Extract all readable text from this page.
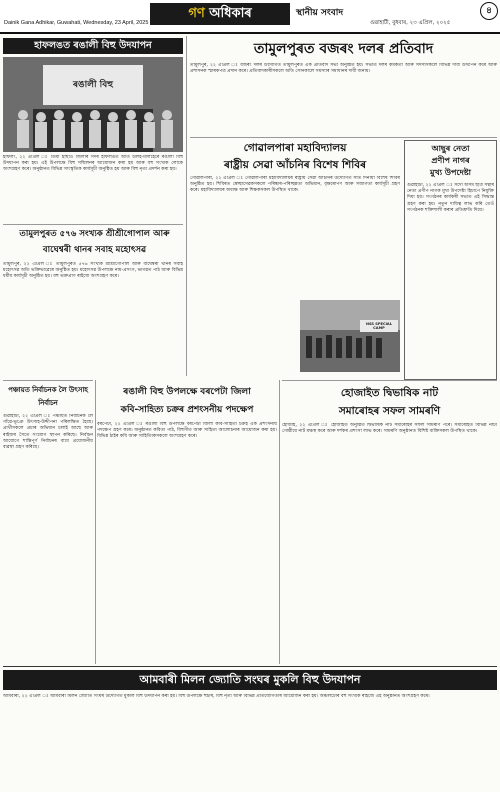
Dainik Gana Adhikar, Guwahati, Wednesday, 23 April, 2025
গণ অধিকাৰ	স্থানীয় সংবাদ
গুৱাহাটী, বুধবাৰ, ২৩ এপ্ৰিল, ২০২৫
৪
হাফলঙত ৰঙালী বিহু উদযাপন
ৰঙালী বিহু

হাফলং, ২২ এপ্ৰিল ঃ ডিমা হাছাও জিলাৰ সদৰ হাফলঙত অতি উলহ-মালহেৰে ৰঙালী বিহু উদযাপন কৰা হয়। এই উপলক্ষে বিহু সন্মিলনৰ আয়োজন কৰা হয় আৰু বহু সংখ্যক লোকে অংশগ্ৰহণ কৰে। অনুষ্ঠানত বিভিন্ন সাংস্কৃতিক কাৰ্যসূচী অনুষ্ঠিত হয় আৰু বিহু নৃত্য প্ৰদৰ্শন কৰা হয়।

তামুলপুৰত বজৰং দলৰ প্ৰতিবাদ

তামুলপুৰ, ২২ এপ্ৰিল ঃ বজৰং দলৰ উদ্যোগত তামুলপুৰত এক প্ৰতিবাদ সভা অনুষ্ঠিত হয়। সভাত দলৰ কৰ্মকৰ্তা আৰু সদস্যসকলে বিভিন্ন দাবী উত্থাপন কৰে আৰু প্ৰশাসনক স্মাৰকপত্ৰ প্ৰদান কৰে। প্ৰতিবাদকাৰীসকলে অতি সোনকালে সমস্যাৰ সমাধানৰ দাবী জনায়।

গোৱালপাৰা মহাবিদ্যালয়
ৰাষ্ট্ৰীয় সেৱা আঁচনিৰ বিশেষ শিবিৰ

গোৱালপাৰা, ২২ এপ্ৰিল ঃ গোৱালপাৰা মহাবিদ্যালয়ৰ ৰাষ্ট্ৰীয় সেৱা আঁচনিৰ উদ্যোগত সাত দিনীয়া বিশেষ শিবিৰ অনুষ্ঠিত হয়। শিবিৰত স্বেচ্ছাসেৱকসকলে পৰিষ্কাৰ-পৰিচ্ছন্নতা অভিযান, বৃক্ষৰোপণ আৰু সজাগতা কাৰ্যসূচী গ্ৰহণ কৰে। মহাবিদ্যালয়ৰ অধ্যক্ষ আৰু শিক্ষকসকল উপস্থিত থাকে।

NSS SPECIAL CAMP
আছুৰ নেতা
প্ৰণীপ নাগৰ
মুখ্য উপদেষ্টা

গুৱাহাটী, ২২ এপ্ৰিল ঃ সদৌ অসম ছাত্ৰ সন্থাৰ নেতা প্ৰণীপ নাগক মুখ্য উপদেষ্টা হিচাপে নিযুক্তি দিয়া হয়। সংগঠনৰ কাৰ্যকৰী সভাত এই সিদ্ধান্ত গ্ৰহণ কৰা হয়। নতুন দায়িত্ব লাভ কৰি তেওঁ সংগঠনক শক্তিশালী কৰাৰ প্ৰতিশ্ৰুতি দিয়ে।

তামুলপুৰত ৫৭৬ সংখ্যক শ্ৰীশ্ৰীগোপাল আৰু
বাঘেশ্বৰী থানৰ সবাহ মহোৎসৱ

তামুলপুৰ, ২২ এপ্ৰিল ঃ তামুলপুৰত ৫৭৬ সংখ্যক শ্ৰীশ্ৰীগোপাল আৰু বাঘেশ্বৰী থানৰ সবাহ মহোৎসৱ অতি ভক্তিভাৱেৰে অনুষ্ঠিত হয়। মহোৎসৱ উপলক্ষে নাম-প্ৰসংগ, ভাগৱত পাঠ আৰু বিভিন্ন ধৰ্মীয় কাৰ্যসূচী অনুষ্ঠিত হয়। বহু ভক্তপ্ৰাণ ৰাইজে অংশগ্ৰহণ কৰে।

পঞ্চায়ত নিৰ্বাচনক লৈ উৎসাহ নিৰ্বাচন

গুৱাহাটী, ২২ এপ্ৰিল ঃ পঞ্চায়ত নিৰ্বাচনক লৈ গাঁৱে-ভূঞে উৎসাহ-উদ্দীপনা পৰিলক্ষিত হৈছে। প্ৰাৰ্থীসকলে প্ৰচাৰ অভিযান চলাই আছে আৰু ৰাইজৰ সৈতে সংযোগ স্থাপন কৰিছে। নিৰ্বাচন আয়োগে শান্তিপূৰ্ণ নিৰ্বাচনৰ বাবে প্ৰয়োজনীয় ব্যৱস্থা গ্ৰহণ কৰিছে।

ৰঙালী বিহু উপলক্ষে বৰপেটা জিলা
কবি-সাহিত্য চক্ৰৰ প্ৰশংসনীয় পদক্ষেপ

বৰপেটা, ২২ এপ্ৰিল ঃ ৰঙালী বিহু উপলক্ষে বৰপেটা জিলা কবি-সাহিত্য চক্ৰই এক প্ৰশংসনীয় পদক্ষেপ গ্ৰহণ কৰে। অনুষ্ঠানত কবিতা পাঠ, বিহুগীত আৰু সাহিত্য আলোচনাৰ আয়োজন কৰা হয়। বিভিন্ন ঠাইৰ কবি আৰু সাহিত্যিকসকলে অংশগ্ৰহণ কৰে।

হোজাইত দ্বিভাষিক নাট
সমাৰোহৰ সফল সামৰণি

হোজাই, ২২ এপ্ৰিল ঃ হোজাইত অনুষ্ঠিত দ্বিভাষিক নাট সমাৰোহৰ সফল সামৰণি পৰে। সমাৰোহত বিভিন্ন নাট্য গোষ্ঠীয়ে নাট মঞ্চস্থ কৰে আৰু দৰ্শকৰ প্ৰশংসা লাভ কৰে। সামৰণি অনুষ্ঠানত বিশিষ্ট ব্যক্তিসকল উপস্থিত থাকে।

আমবাৰী মিলন জ্যোতি সংঘৰ মুকলি বিহু উদযাপন

আমবাৰী, ২২ এপ্ৰিল ঃ আমবাৰী মিলন জ্যোতি সংঘৰ উদ্যোগত মুকলি বিহু উদযাপন কৰা হয়। বিহু উপলক্ষে হুঁচৰি, বিহু নৃত্য আৰু বিভিন্ন প্ৰতিযোগিতাৰ আয়োজন কৰা হয়। অঞ্চলটোৰ বহু সংখ্যক ৰাইজে এই অনুষ্ঠানত অংশগ্ৰহণ কৰে।
